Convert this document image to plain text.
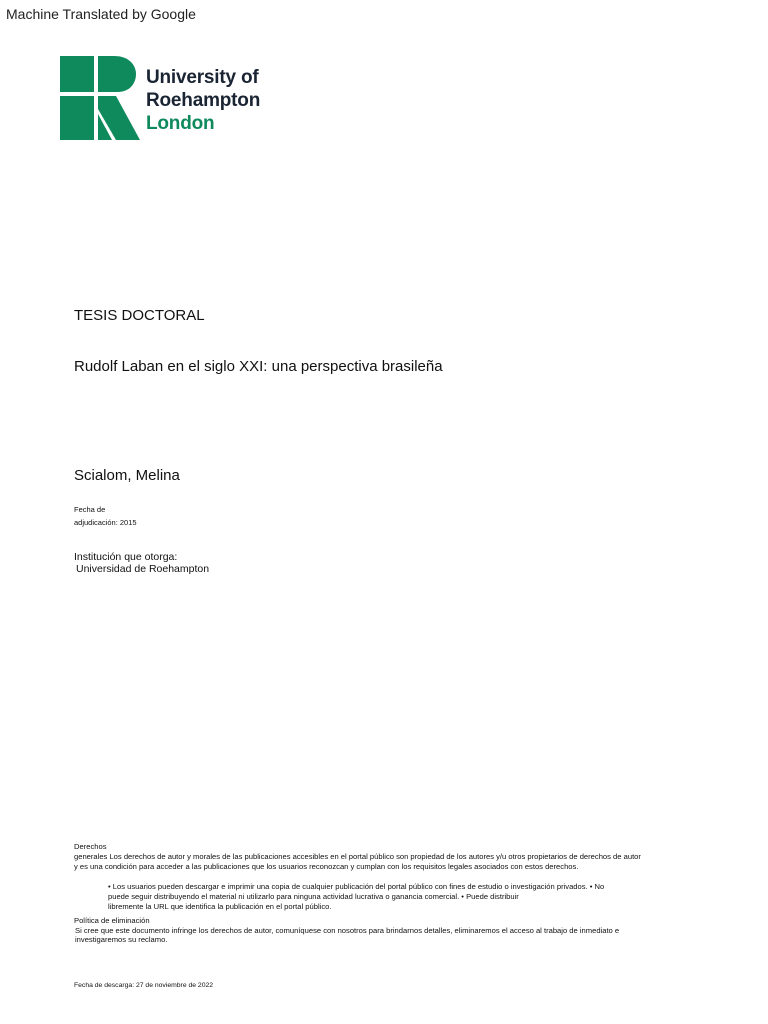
Machine Translated by Google
University of
Roehampton
London
TESIS DOCTORAL
Rudolf Laban en el siglo XXI: una perspectiva brasileña
Scialom, Melina
Fecha de
adjudicación: 2015
Institución que otorga:
Universidad de Roehampton

Derechos

generales Los derechos de autor y morales de las publicaciones accesibles en el portal público son propiedad de los autores y/u otros propietarios de derechos de autor

y es una condición para acceder a las publicaciones que los usuarios reconozcan y cumplan con los requisitos legales asociados con estos derechos.

• Los usuarios pueden descargar e imprimir una copia de cualquier publicación del portal público con fines de estudio o investigación privados. • No

puede seguir distribuyendo el material ni utilizarlo para ninguna actividad lucrativa o ganancia comercial. • Puede distribuir

libremente la URL que identifica la publicación en el portal público.

Política de eliminación

Si cree que este documento infringe los derechos de autor, comuníquese con nosotros para brindarnos detalles, eliminaremos el acceso al trabajo de inmediato e

investigaremos su reclamo.

Fecha de descarga: 27 de noviembre de 2022
